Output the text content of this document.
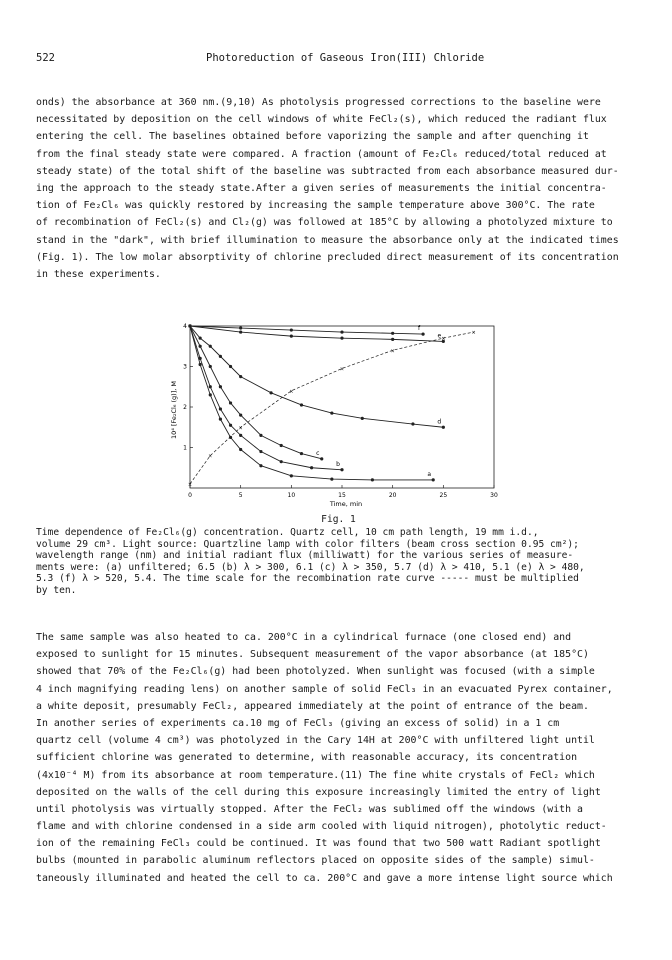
522	Photoreduction of Gaseous Iron(III) Chloride
onds) the absorbance at 360 nm.(9,10) As photolysis progressed corrections to the baseline were
necessitated by deposition on the cell windows of white FeCl₂(s), which reduced the radiant flux
entering the cell. The baselines obtained before vaporizing the sample and after quenching it
from the final steady state were compared. A fraction (amount of Fe₂Cl₆ reduced/total reduced at
steady state) of the total shift of the baseline was subtracted from each absorbance measured dur-
ing the approach to the steady state.After a given series of measurements the initial concentra-
tion of Fe₂Cl₆ was quickly restored by increasing the sample temperature above 300°C. The rate
of recombination of FeCl₂(s) and Cl₂(g) was followed at 185°C by allowing a photolyzed mixture to
stand in the "dark", with brief illumination to measure the absorbance only at the indicated times
(Fig. 1). The low molar absorptivity of chlorine precluded direct measurement of its concentration
in these experiments.
0	5	10	15	20	25	30
1
2
3
4
×
×
×
×
×
×
×
×
a
b
c
d
e
f
10⁴ [Fe₂Cl₆ (g)], M
Time, min
Fig. 1
Time dependence of Fe₂Cl₆(g) concentration. Quartz cell, 10 cm path length, 19 mm i.d.,
volume 29 cm³. Light source: Quartzline lamp with color filters (beam cross section 0.95 cm²);
wavelength range (nm) and initial radiant flux (milliwatt) for the various series of measure-
ments were: (a) unfiltered; 6.5 (b) λ > 300, 6.1 (c) λ > 350, 5.7 (d) λ > 410, 5.1 (e) λ > 480,
5.3 (f) λ > 520, 5.4. The time scale for the recombination rate curve ----- must be multiplied
by ten.
The same sample was also heated to ca. 200°C in a cylindrical furnace (one closed end) and
exposed to sunlight for 15 minutes. Subsequent measurement of the vapor absorbance (at 185°C)
showed that 70% of the Fe₂Cl₆(g) had been photolyzed. When sunlight was focused (with a simple
4 inch magnifying reading lens) on another sample of solid FeCl₃ in an evacuated Pyrex container,
a white deposit, presumably FeCl₂, appeared immediately at the point of entrance of the beam.
In another series of experiments ca.10 mg of FeCl₃ (giving an excess of solid) in a 1 cm
quartz cell (volume 4 cm³) was photolyzed in the Cary 14H at 200°C with unfiltered light until
sufficient chlorine was generated to determine, with reasonable accuracy, its concentration
(4x10⁻⁴ M) from its absorbance at room temperature.(11) The fine white crystals of FeCl₂ which
deposited on the walls of the cell during this exposure increasingly limited the entry of light
until photolysis was virtually stopped. After the FeCl₂ was sublimed off the windows (with a
flame and with chlorine condensed in a side arm cooled with liquid nitrogen), photolytic reduct-
ion of the remaining FeCl₃ could be continued. It was found that two 500 watt Radiant spotlight
bulbs (mounted in parabolic aluminum reflectors placed on opposite sides of the sample) simul-
taneously illuminated and heated the cell to ca. 200°C and gave a more intense light source which
